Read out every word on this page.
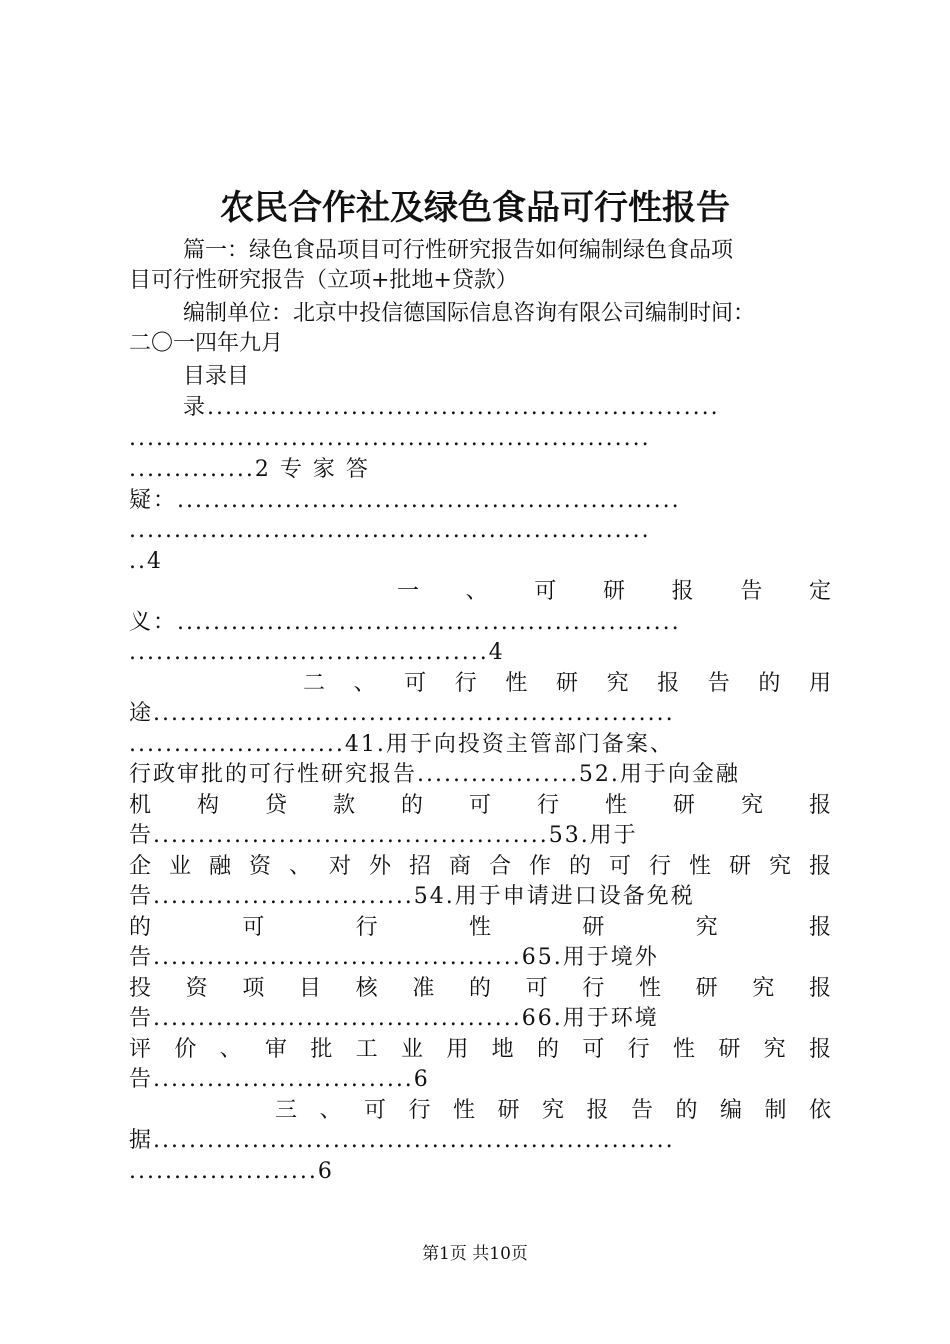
农民合作社及绿色食品可行性报告
篇一：绿色食品项目可行性研究报告如何编制绿色食品项
目可行性研究报告（立项+批地+贷款）
编制单位：北京中投信德国际信息咨询有限公司编制时间：
二〇一四年九月
目录目
录.........................................................
..........................................................
..............2 专 家 答
疑：........................................................
..........................................................
..4
一 、 可 研 报 告 定
义：........................................................
........................................4
二 、 可 行 性 研 究 报 告 的 用
途..........................................................
........................41.用于向投资主管部门备案、
行政审批的可行性研究报告..................52.用于向金融
机 构 贷 款 的 可 行 性 研 究 报
告............................................53.用于
企业融资、对外招商合作的可行性研究报
告.............................54.用于申请进口设备免税
的 可 行 性 研 究 报
告.........................................65.用于境外
投 资 项 目 核 准 的 可 行 性 研 究 报
告.........................................66.用于环境
评 价 、 审 批 工 业 用 地 的 可 行 性 研 究 报
告.............................6
三 、 可 行 性 研 究 报 告 的 编 制 依
据..........................................................
.....................6
第1页 共10页
